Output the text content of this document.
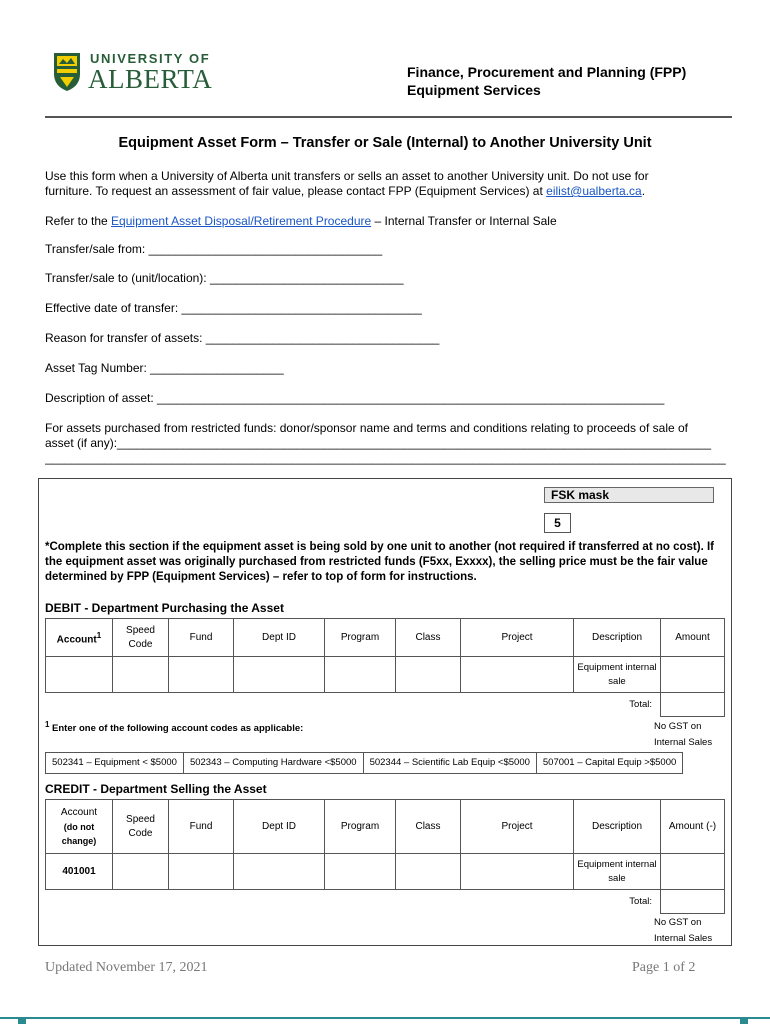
UNIVERSITY OF
ALBERTA	Finance, Procurement and Planning (FPP)
Equipment Services
Equipment Asset Form – Transfer or Sale (Internal) to Another University Unit
Use this form when a University of Alberta unit transfers or sells an asset to another University unit. Do not use for
furniture. To request an assessment of fair value, please contact FPP (Equipment Services) at eilist@ualberta.ca.
Refer to the Equipment Asset Disposal/Retirement Procedure – Internal Transfer or Internal Sale
Transfer/sale from: ___________________________________
Transfer/sale to (unit/location): _____________________________
Effective date of transfer: ____________________________________
Reason for transfer of assets: ___________________________________
Asset Tag Number: ____________________
Description of asset: ____________________________________________________________________________
For assets purchased from restricted funds: donor/sponsor name and terms and conditions relating to proceeds of sale of
asset (if any):_________________________________________________________________________________________
______________________________________________________________________________________________________
FSK mask
5
*Complete this section if the equipment asset is being sold by one unit to another (not required if transferred at no cost). If the equipment asset was originally purchased from restricted funds (F5xx, Exxxx), the selling price must be the fair value determined by FPP (Equipment Services) – refer to top of form for instructions.
DEBIT - Department Purchasing the Asset
Account$^1$	Speed Code	Fund	Dept ID	Program	Class	Project	Description	Amount
							Equipment internal sale	
Total:								
$^1$ Enter one of the following account codes as applicable:	No GST on Internal Sales
502341 – Equipment < $5000	502343 – Computing Hardware <$5000	502344 – Scientific Lab Equip <$5000	507001 – Capital Equip >$5000
CREDIT - Department Selling the Asset
Account
(do not change)	Speed Code	Fund	Dept ID	Program	Class	Project	Description	Amount (-)
401001							Equipment internal sale	
Total:								
No GST on Internal Sales
Updated November 17, 2021	Page 1 of 2
